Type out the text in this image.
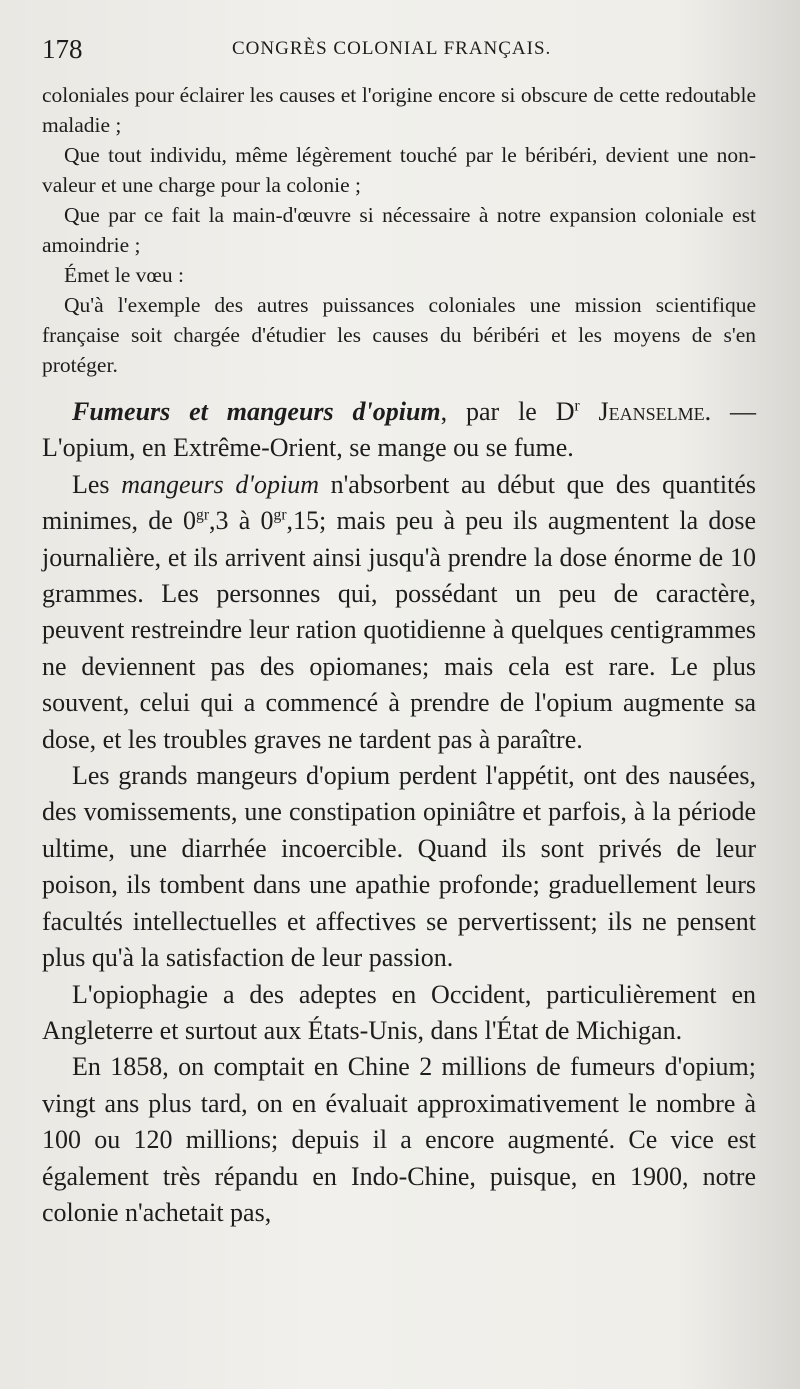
178	CONGRÈS COLONIAL FRANÇAIS.

coloniales pour éclairer les causes et l'origine encore si obscure de cette redoutable maladie ;

Que tout individu, même légèrement touché par le béribéri, devient une non-valeur et une charge pour la colonie ;

Que par ce fait la main-d'œuvre si nécessaire à notre expansion coloniale est amoindrie ;

Émet le vœu :

Qu'à l'exemple des autres puissances coloniales une mission scientifique française soit chargée d'étudier les causes du béribéri et les moyens de s'en protéger.

Fumeurs et mangeurs d'opium, par le $D^r$ Jeanselme. — L'opium, en Extrême-Orient, se mange ou se fume.

Les mangeurs d'opium n'absorbent au début que des quantités minimes, de $0^{gr},3$ à $0^{gr},15$; mais peu à peu ils augmentent la dose journalière, et ils arrivent ainsi jusqu'à prendre la dose énorme de 10 grammes. Les personnes qui, possédant un peu de caractère, peuvent restreindre leur ration quotidienne à quelques centigrammes ne deviennent pas des opiomanes; mais cela est rare. Le plus souvent, celui qui a commencé à prendre de l'opium augmente sa dose, et les troubles graves ne tardent pas à paraître.

Les grands mangeurs d'opium perdent l'appétit, ont des nausées, des vomissements, une constipation opiniâtre et parfois, à la période ultime, une diarrhée incoercible. Quand ils sont privés de leur poison, ils tombent dans une apathie profonde; graduellement leurs facultés intellectuelles et affectives se pervertissent; ils ne pensent plus qu'à la satisfaction de leur passion.

L'opiophagie a des adeptes en Occident, particulièrement en Angleterre et surtout aux États-Unis, dans l'État de Michigan.

En 1858, on comptait en Chine 2 millions de fumeurs d'opium; vingt ans plus tard, on en évaluait approximativement le nombre à 100 ou 120 millions; depuis il a encore augmenté. Ce vice est également très répandu en Indo-Chine, puisque, en 1900, notre colonie n'achetait pas,
